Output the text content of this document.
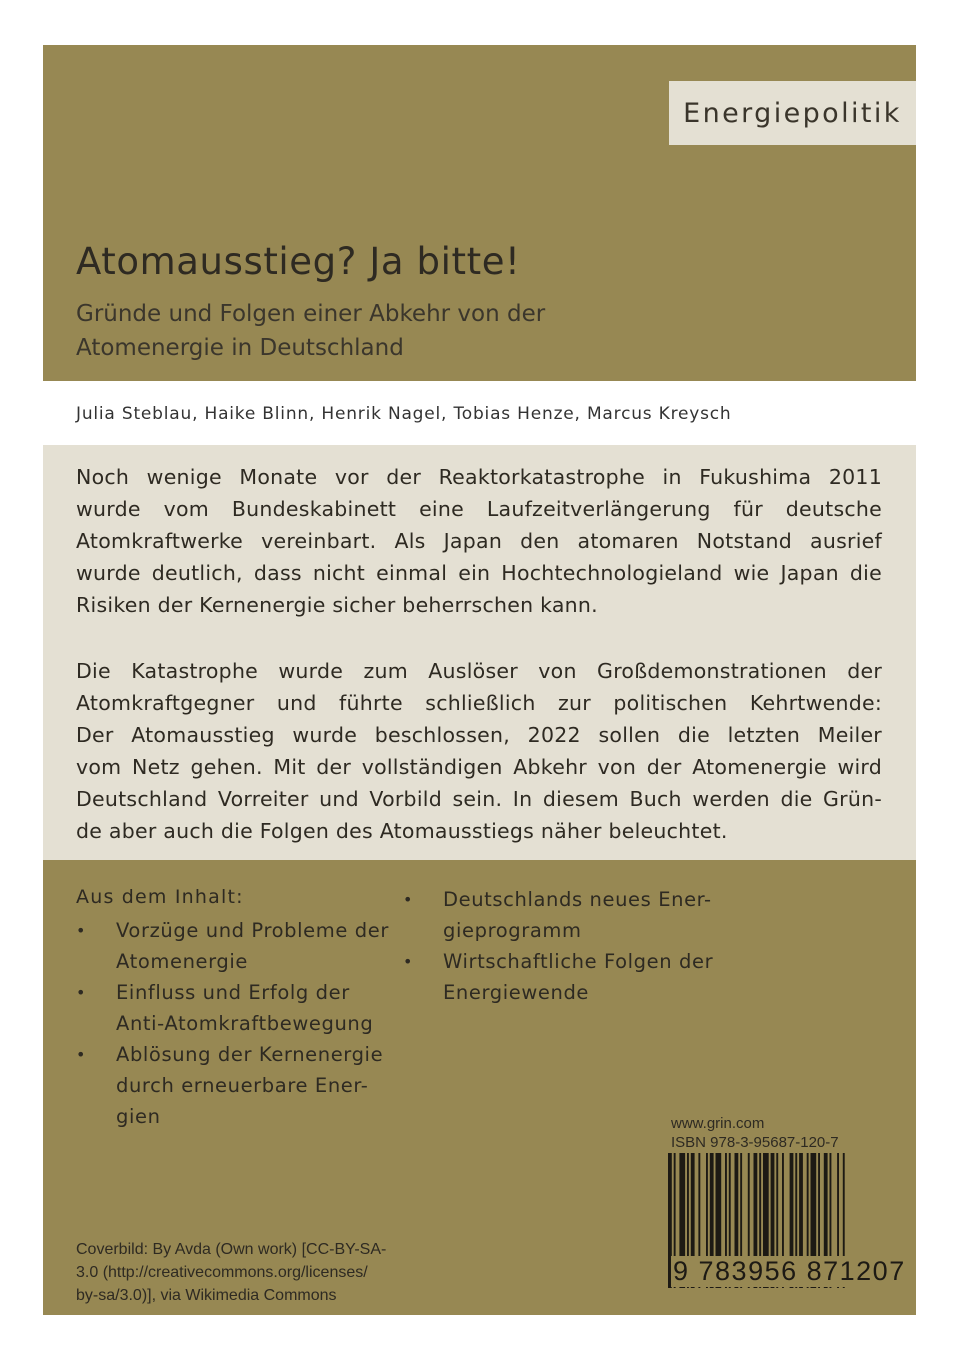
Energiepolitik
Atomausstieg? Ja bitte!
Gründe und Folgen einer Abkehr von der
Atomenergie in Deutschland
Julia Steblau, Haike Blinn, Henrik Nagel, Tobias Henze, Marcus Kreysch
Noch wenige Monate vor der Reaktorkatastrophe in Fukushima 2011
wurde vom Bundeskabinett eine Laufzeitverlängerung für deutsche
Atomkraftwerke vereinbart. Als Japan den atomaren Notstand ausrief
wurde deutlich, dass nicht einmal ein Hochtechnologieland wie Japan die
Risiken der Kernenergie sicher beherrschen kann.
Die Katastrophe wurde zum Auslöser von Großdemonstrationen der
Atomkraftgegner und führte schließlich zur politischen Kehrtwende:
Der Atomausstieg wurde beschlossen, 2022 sollen die letzten Meiler
vom Netz gehen. Mit der vollständigen Abkehr von der Atomenergie wird
Deutschland Vorreiter und Vorbild sein. In diesem Buch werden die Grün-
de aber auch die Folgen des Atomausstiegs näher beleuchtet.
Aus dem Inhalt:
• Vorzüge und Probleme der
Atomenergie
• Einfluss und Erfolg der
Anti-Atomkraftbewegung
• Ablösung der Kernenergie
durch erneuerbare Ener-
gien
• Deutschlands neues Ener-
gieprogramm
• Wirtschaftliche Folgen der
Energiewende
www.grin.com
ISBN 978-3-95687-120-7
9 783956 871207
Coverbild: By Avda (Own work) [CC-BY-SA-
3.0 (http://creativecommons.org/licenses/
by-sa/3.0)], via Wikimedia Commons
